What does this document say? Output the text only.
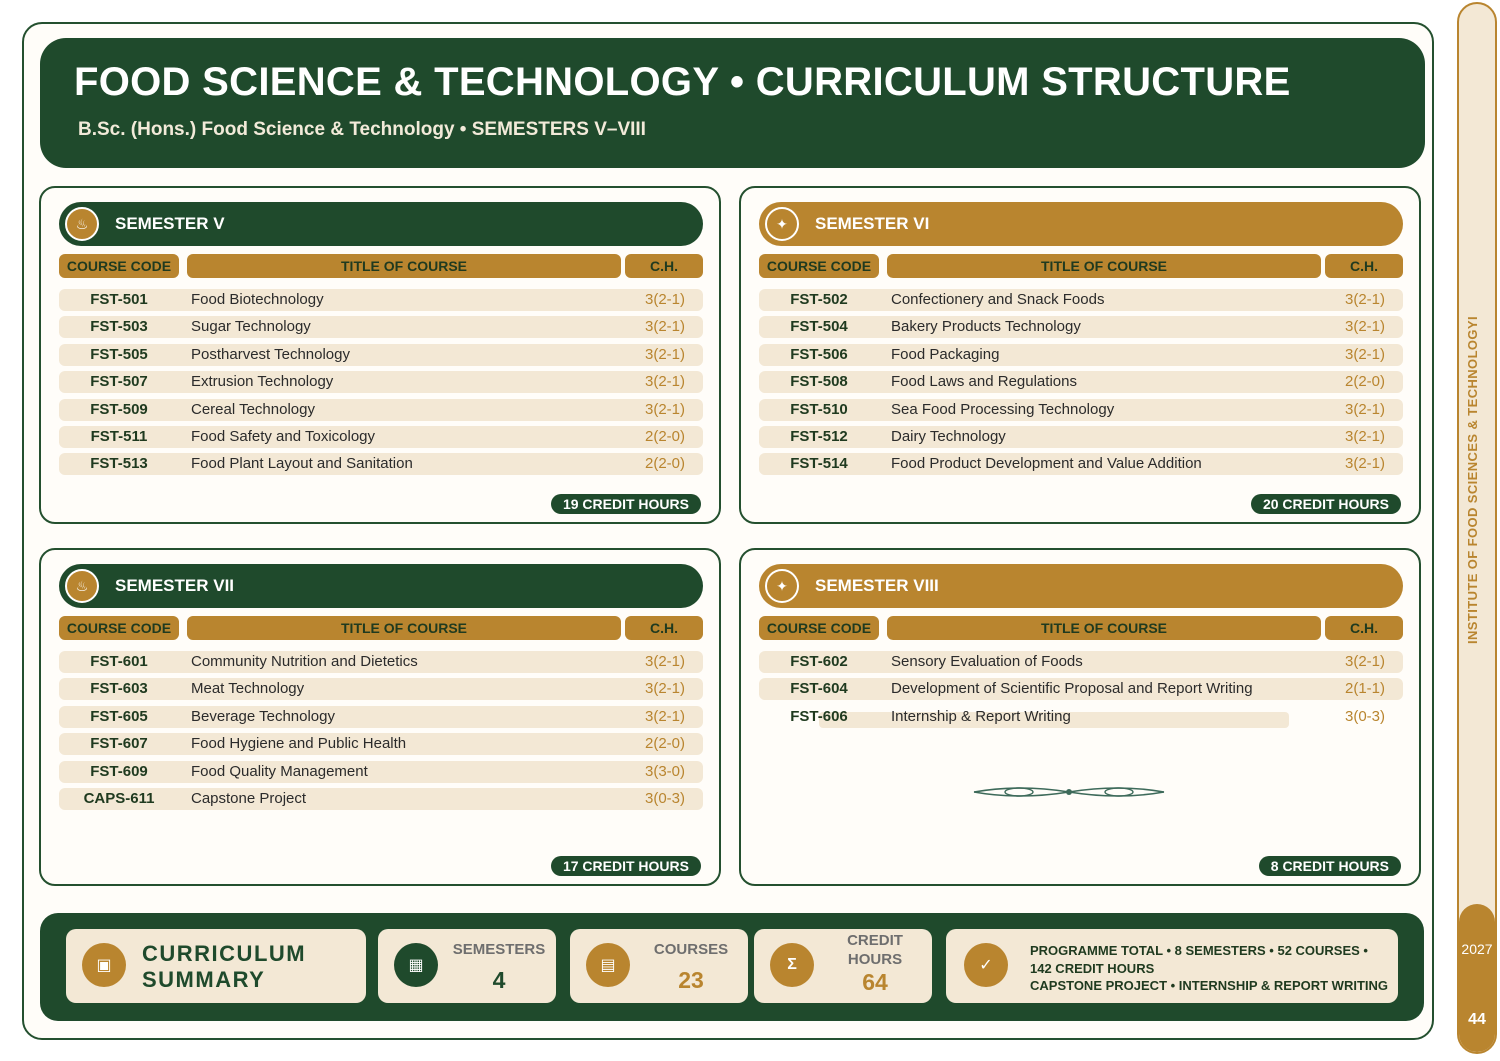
FOOD SCIENCE & TECHNOLOGY • CURRICULUM STRUCTURE
B.Sc. (Hons.) Food Science & Technology • SEMESTERS V–VIII
♨	SEMESTER V
COURSE CODE	TITLE OF COURSE	C.H.
FST-501	Food Biotechnology	3(2-1)
FST-503	Sugar Technology	3(2-1)
FST-505	Postharvest Technology	3(2-1)
FST-507	Extrusion Technology	3(2-1)
FST-509	Cereal Technology	3(2-1)
FST-511	Food Safety and Toxicology	2(2-0)
FST-513	Food Plant Layout and Sanitation	2(2-0)
19 CREDIT HOURS
✦	SEMESTER VI
COURSE CODE	TITLE OF COURSE	C.H.
FST-502	Confectionery and Snack Foods	3(2-1)
FST-504	Bakery Products Technology	3(2-1)
FST-506	Food Packaging	3(2-1)
FST-508	Food Laws and Regulations	2(2-0)
FST-510	Sea Food Processing Technology	3(2-1)
FST-512	Dairy Technology	3(2-1)
FST-514	Food Product Development and Value Addition	3(2-1)
20 CREDIT HOURS
♨	SEMESTER VII
COURSE CODE	TITLE OF COURSE	C.H.
FST-601	Community Nutrition and Dietetics	3(2-1)
FST-603	Meat Technology	3(2-1)
FST-605	Beverage Technology	3(2-1)
FST-607	Food Hygiene and Public Health	2(2-0)
FST-609	Food Quality Management	3(3-0)
CAPS-611	Capstone Project	3(0-3)
17 CREDIT HOURS
✦	SEMESTER VIII
COURSE CODE	TITLE OF COURSE	C.H.
FST-602	Sensory Evaluation of Foods	3(2-1)
FST-604	Development of Scientific Proposal and Report Writing	2(1-1)
FST-606	Internship & Report Writing	3(0-3)
8 CREDIT HOURS
▣	CURRICULUM
SUMMARY
▦
SEMESTERS
4
▤
COURSES
23
Σ
CREDIT
HOURS
64
✓
PROGRAMME TOTAL • 8 SEMESTERS • 52 COURSES •
142 CREDIT HOURS
CAPSTONE PROJECT • INTERNSHIP & REPORT WRITING
INSTITUTE OF FOOD SCIENCES & TECHNOLOGYI
2027
44
